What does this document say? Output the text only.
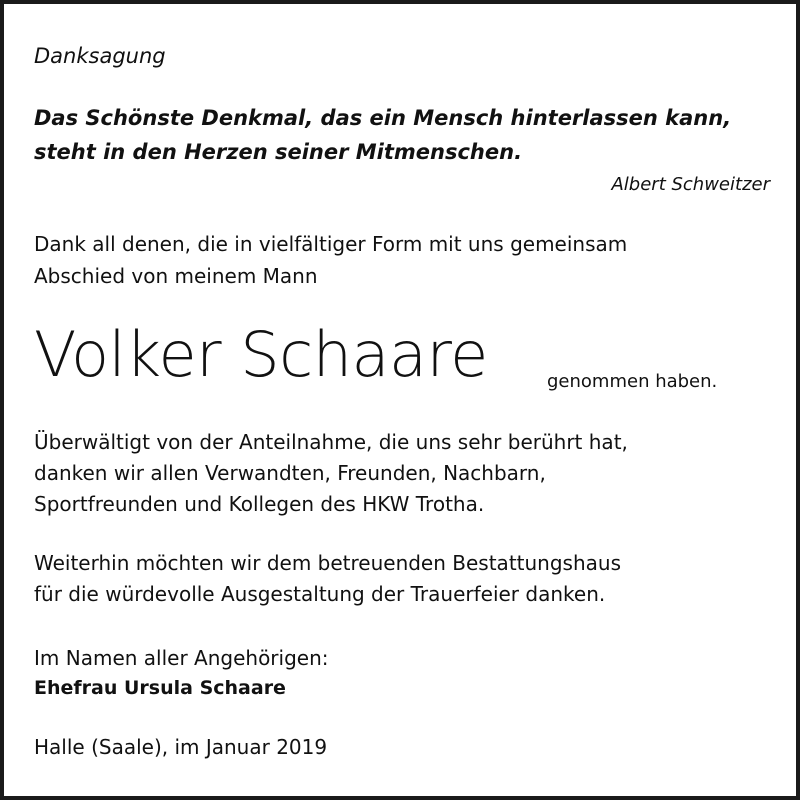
Danksagung
Das Schönste Denkmal, das ein Mensch hinterlassen kann,
steht in den Herzen seiner Mitmenschen.
Albert Schweitzer
Dank all denen, die in vielfältiger Form mit uns gemeinsam
Abschied von meinem Mann
Volker Schaare	genommen haben.
Überwältigt von der Anteilnahme, die uns sehr berührt hat,
danken wir allen Verwandten, Freunden, Nachbarn,
Sportfreunden und Kollegen des HKW Trotha.
Weiterhin möchten wir dem betreuenden Bestattungshaus
für die würdevolle Ausgestaltung der Trauerfeier danken.
Im Namen aller Angehörigen:
Ehefrau Ursula Schaare
Halle (Saale), im Januar 2019
